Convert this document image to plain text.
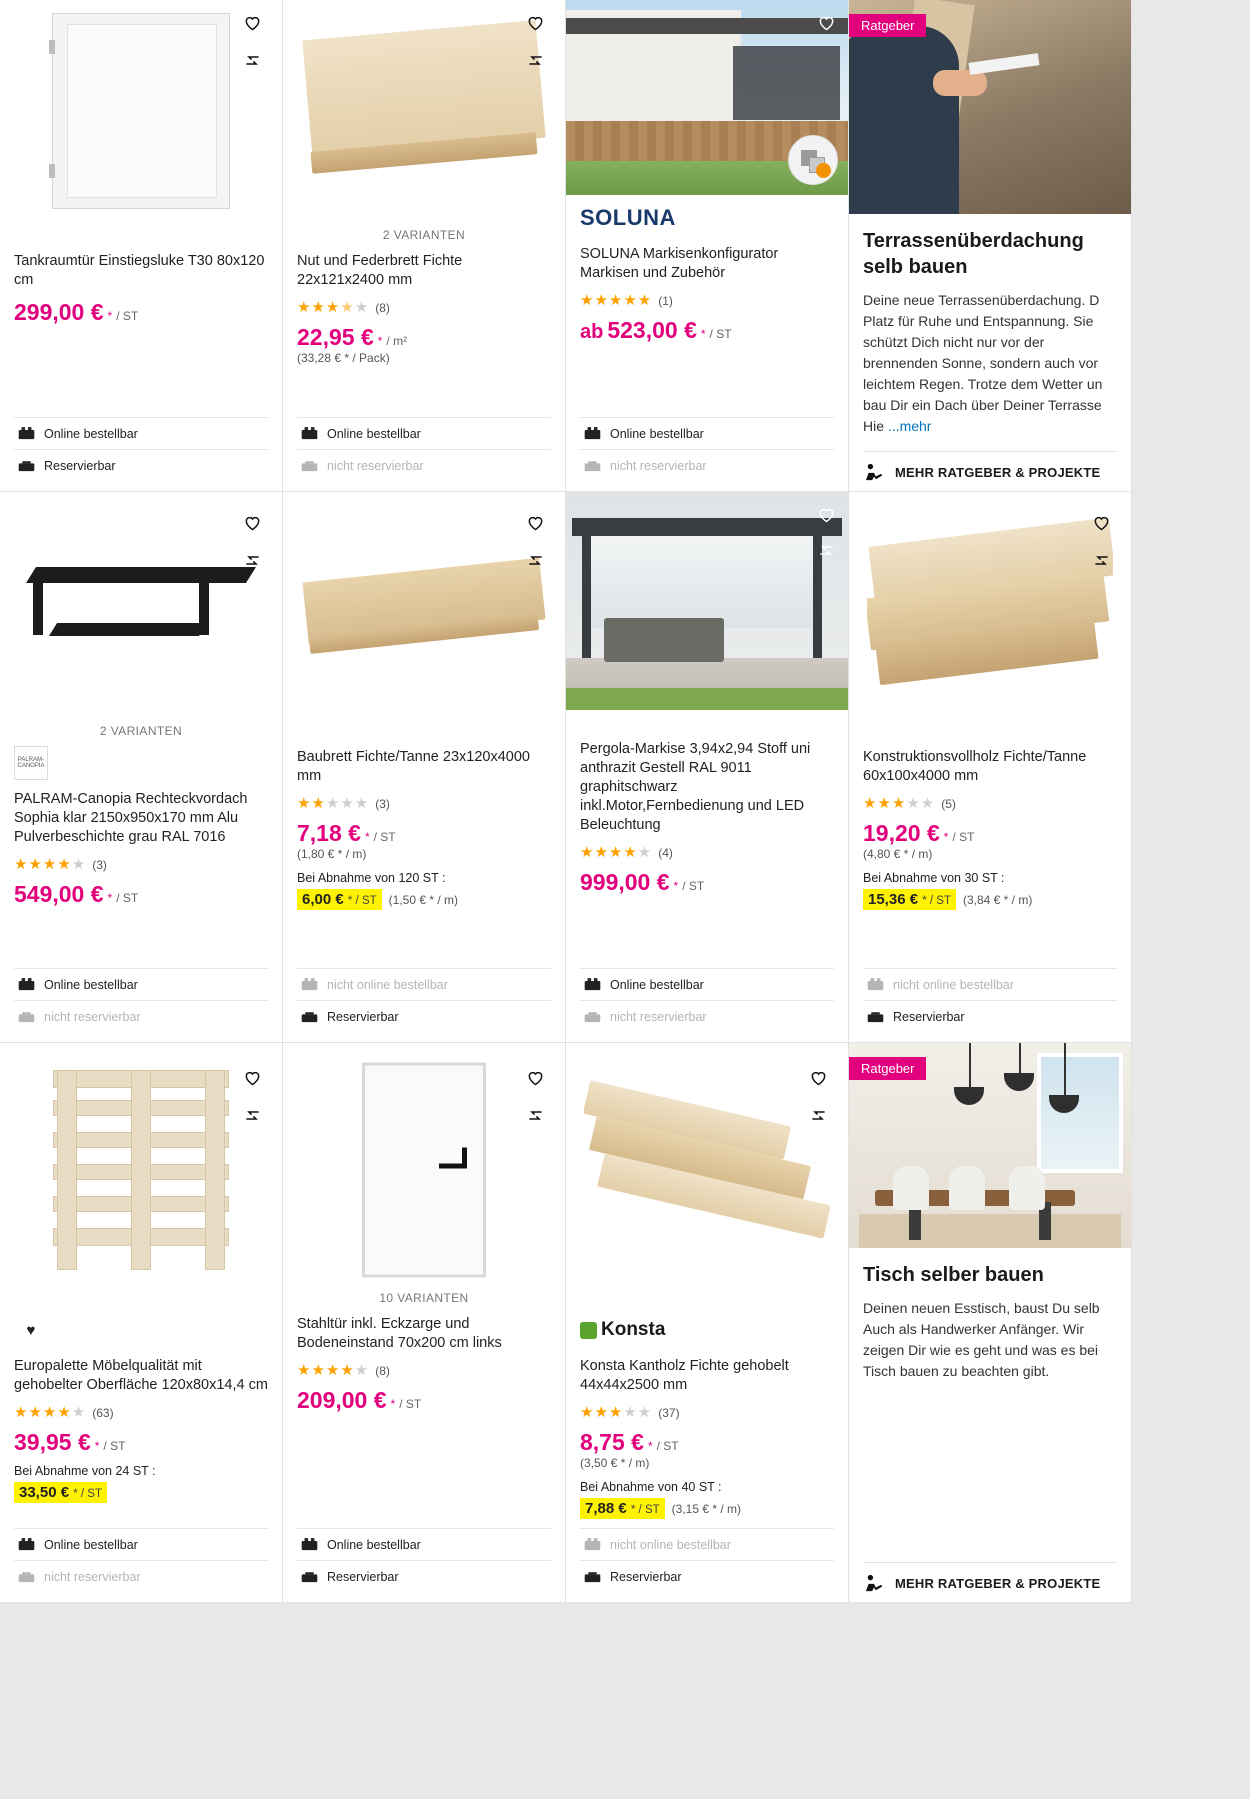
Tankraumtür Einstiegsluke T30 80x120 cm
299,00 € * / ST
Online bestellbar
Reservierbar
2 VARIANTEN
Nut und Federbrett Fichte 22x121x2400 mm
★★★★★ (8)
22,95 € * / m²
(33,28 € * / Pack)
Online bestellbar
nicht reservierbar
SOLUNA
SOLUNA Markisenkonfigurator Markisen und Zubehör
★★★★★ (1)
ab 523,00 € * / ST
Online bestellbar
nicht reservierbar
Ratgeber
Terrassenüberdachung selb bauen

Deine neue Terrassenüberdachung. D Platz für Ruhe und Entspannung. Sie schützt Dich nicht nur vor der brennenden Sonne, sondern auch vor leichtem Regen. Trotze dem Wetter un bau Dir ein Dach über Deiner Terrasse Hie ...mehr

MEHR RATGEBER & PROJEKTE
2 VARIANTEN
PALRAM-CANOPIA
PALRAM-Canopia Rechteckvordach Sophia klar 2150x950x170 mm Alu Pulverbeschichte grau RAL 7016
★★★★★ (3)
549,00 € * / ST
Online bestellbar
nicht reservierbar
Baubrett Fichte/Tanne 23x120x4000 mm
★★★★★ (3)
7,18 € * / ST
(1,80 € * / m)
Bei Abnahme von 120 ST :
6,00 € * / ST	(1,50 € * / m)
nicht online bestellbar
Reservierbar
Pergola-Markise 3,94x2,94 Stoff uni anthrazit Gestell RAL 9011 graphitschwarz inkl.Motor,Fernbedienung und LED Beleuchtung
★★★★★ (4)
999,00 € * / ST
Online bestellbar
nicht reservierbar
Konstruktionsvollholz Fichte/Tanne 60x100x4000 mm
★★★★★ (5)
19,20 € * / ST
(4,80 € * / m)
Bei Abnahme von 30 ST :
15,36 € * / ST	(3,84 € * / m)
nicht online bestellbar
Reservierbar
♥
Europalette Möbelqualität mit gehobelter Oberfläche 120x80x14,4 cm
★★★★★ (63)
39,95 € * / ST
Bei Abnahme von 24 ST :
33,50 € * / ST
Online bestellbar
nicht reservierbar
10 VARIANTEN
Stahltür inkl. Eckzarge und Bodeneinstand 70x200 cm links
★★★★★ (8)
209,00 € * / ST
Online bestellbar
Reservierbar
Konsta
Konsta Kantholz Fichte gehobelt 44x44x2500 mm
★★★★★ (37)
8,75 € * / ST
(3,50 € * / m)
Bei Abnahme von 40 ST :
7,88 € * / ST	(3,15 € * / m)
nicht online bestellbar
Reservierbar
Ratgeber
Tisch selber bauen

Deinen neuen Esstisch, baust Du selb Auch als Handwerker Anfänger. Wir zeigen Dir wie es geht und was es bei Tisch bauen zu beachten gibt.

MEHR RATGEBER & PROJEKTE
